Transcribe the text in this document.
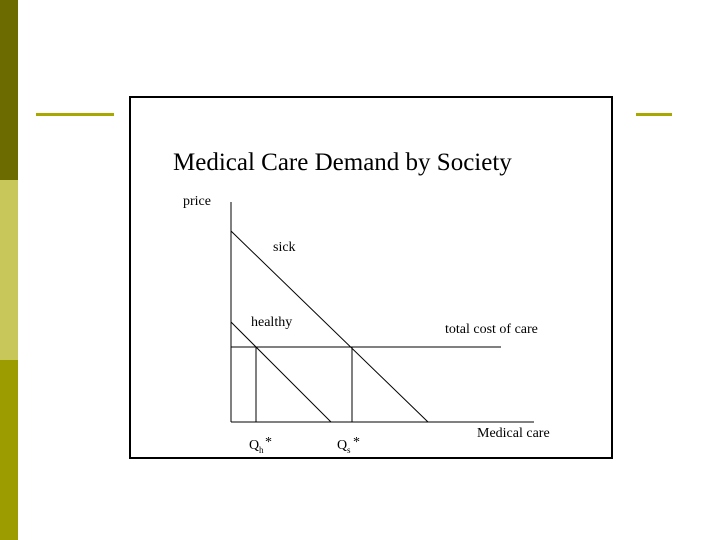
Medical Care Demand by Society
price
Medical care
sick
healthy	total cost of care
Q h *	Q s *
